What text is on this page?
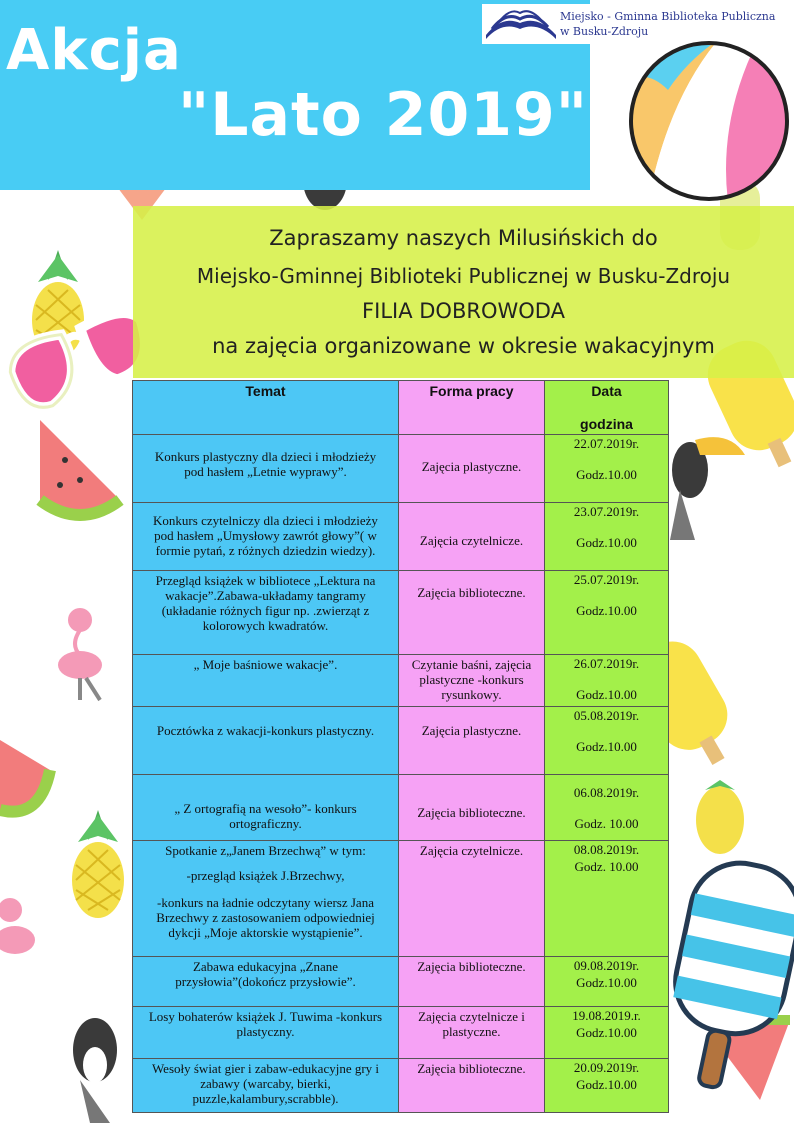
Akcja
"Lato 2019"
Miejsko - Gminna Biblioteka Publiczna
w Busku-Zdroju
Zapraszamy naszych Milusińskich do
Miejsko-Gminnej Biblioteki Publicznej w Busku-Zdroju
FILIA DOBROWODA
na zajęcia organizowane w okresie wakacyjnym
Temat	Forma pracy	Data
godzina

Konkurs plastyczny dla dzieci i młodzieży
pod hasłem „Letnie wyprawy”.	Zajęcia plastyczne.	22.07.2019r.
Godz.10.00

Konkurs czytelniczy dla dzieci i młodzieży
pod hasłem „Umysłowy zawrót głowy”( w
formie pytań, z różnych dziedzin wiedzy).	Zajęcia czytelnicze.	23.07.2019r.
Godz.10.00

Przegląd książek w bibliotece „Lektura na
wakacje”.Zabawa-układamy tangramy
(układanie różnych figur np. .zwierząt z
kolorowych kwadratów.	Zajęcia biblioteczne.	25.07.2019r.
Godz.10.00

„ Moje baśniowe wakacje”.	Czytanie baśni, zajęcia
plastyczne -konkurs
rysunkowy.	26.07.2019r.
Godz.10.00

Pocztówka z wakacji-konkurs plastyczny.	Zajęcia plastyczne.	05.08.2019r.
Godz.10.00

„ Z ortografią na wesoło”- konkurs
ortograficzny.	Zajęcia biblioteczne.	06.08.2019r.
Godz. 10.00

Spotkanie z„Janem Brzechwą” w tym:
-przegląd książek J.Brzechwy,
-konkurs na ładnie odczytany wiersz Jana
Brzechwy z zastosowaniem odpowiedniej
dykcji „Moje aktorskie wystąpienie”.	Zajęcia czytelnicze.	08.08.2019r.
Godz. 10.00

Zabawa edukacyjna „Znane
przysłowia”(dokończ przysłowie”.	Zajęcia biblioteczne.	09.08.2019r.
Godz.10.00

Losy bohaterów książek J. Tuwima -konkurs
plastyczny.	Zajęcia czytelnicze i
plastyczne.	19.08.2019.r.
Godz.10.00

Wesoły świat gier i zabaw-edukacyjne gry i
zabawy (warcaby, bierki,
puzzle,kalambury,scrabble).	Zajęcia biblioteczne.	20.09.2019r.
Godz.10.00
